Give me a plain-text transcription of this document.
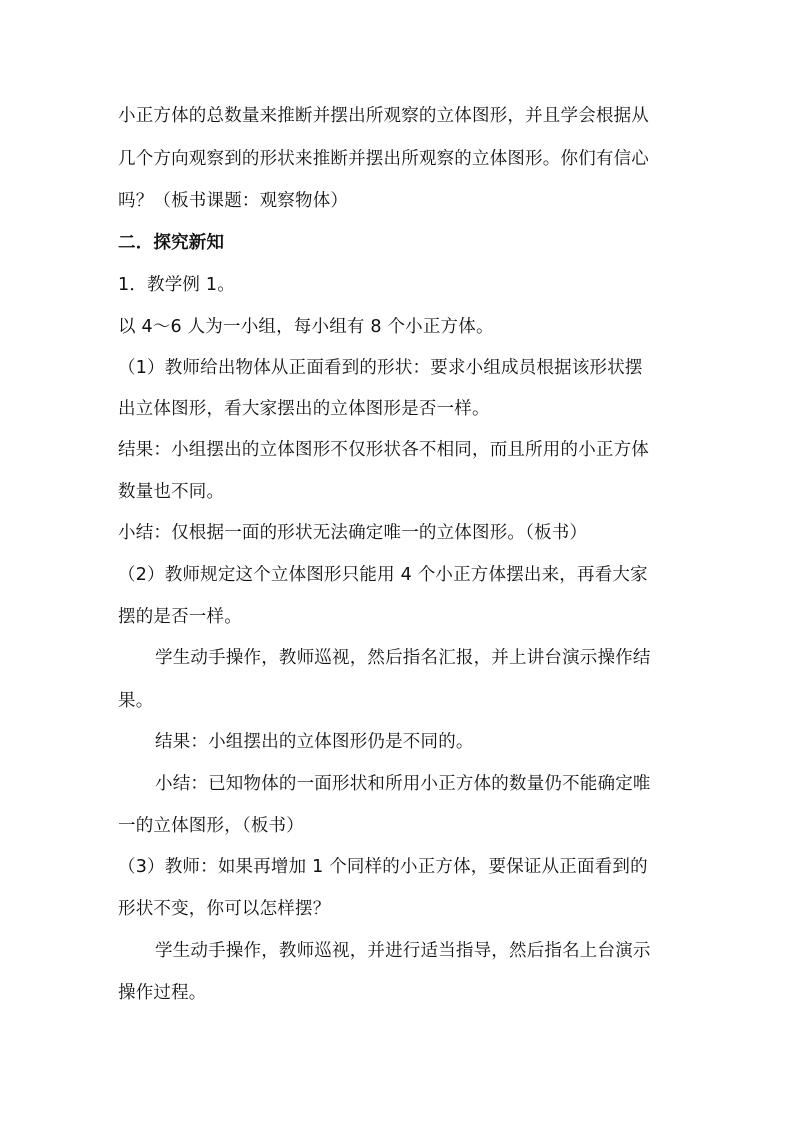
小正方体的总数量来推断并摆出所观察的立体图形，并且学会根据从
几个方向观察到的形状来推断并摆出所观察的立体图形。你们有信心
吗？（板书课题：观察物体）
二．探究新知
1．教学例 1。
以 4～6 人为一小组，每小组有 8 个小正方体。
（1）教师给出物体从正面看到的形状：要求小组成员根据该形状摆
出立体图形，看大家摆出的立体图形是否一样。
结果：小组摆出的立体图形不仅形状各不相同，而且所用的小正方体
数量也不同。
小结：仅根据一面的形状无法确定唯一的立体图形。（板书）
（2）教师规定这个立体图形只能用 4 个小正方体摆出来，再看大家
摆的是否一样。
学生动手操作，教师巡视，然后指名汇报，并上讲台演示操作结
果。
结果：小组摆出的立体图形仍是不同的。
小结：已知物体的一面形状和所用小正方体的数量仍不能确定唯
一的立体图形，（板书）
（3）教师：如果再增加 1 个同样的小正方体，要保证从正面看到的
形状不变，你可以怎样摆？
学生动手操作，教师巡视，并进行适当指导，然后指名上台演示
操作过程。
